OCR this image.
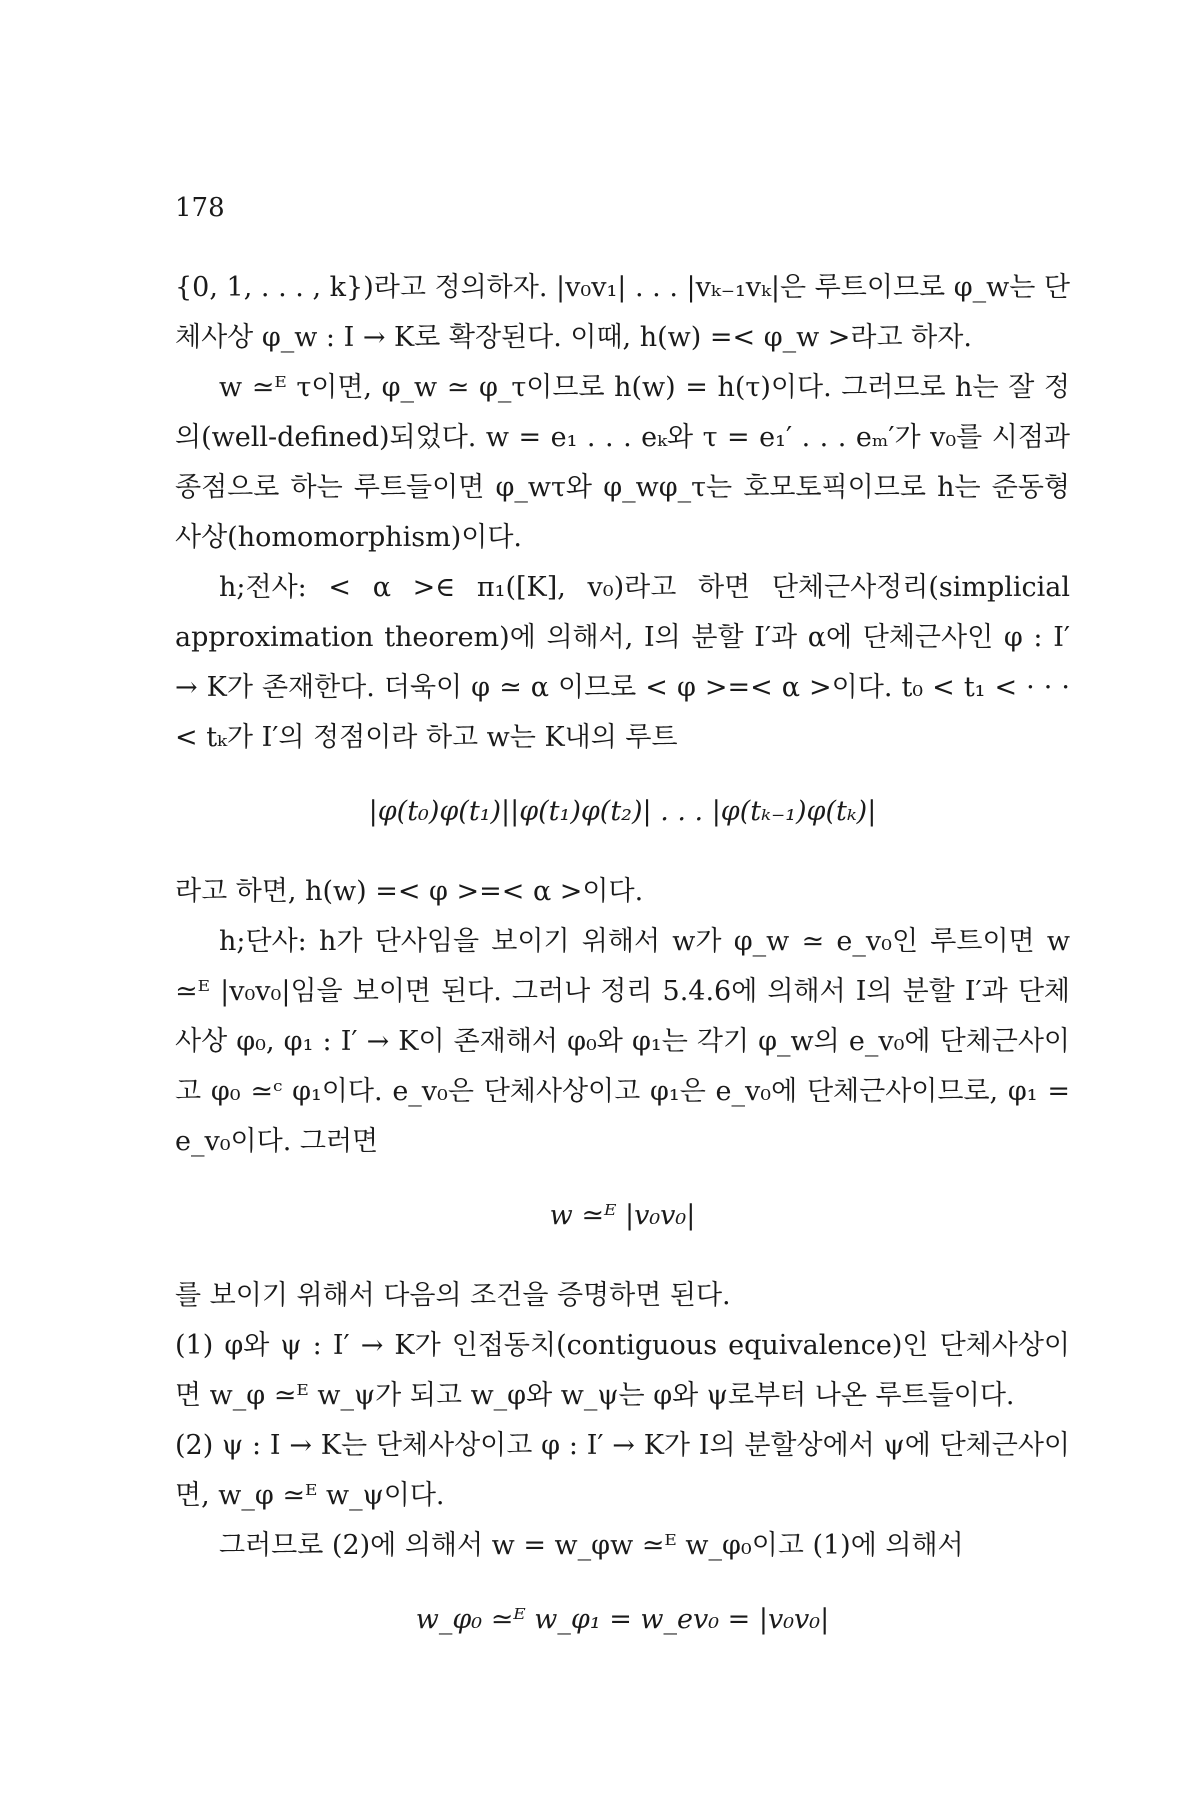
178

{0, 1, . . . , k})라고 정의하자. |v₀v₁| . . . |vₖ₋₁vₖ|은 루트이므로 φ_w는 단체사상 φ_w : I → K로 확장된다. 이때, h(w) =< φ_w >라고 하자.

w ≃ᴱ τ이면, φ_w ≃ φ_τ이므로 h(w) = h(τ)이다. 그러므로 h는 잘 정의(well-defined)되었다. w = e₁ . . . eₖ와 τ = e₁′ . . . eₘ′가 v₀를 시점과 종점으로 하는 루트들이면 φ_wτ와 φ_wφ_τ는 호모토픽이므로 h는 준동형사상(homomorphism)이다.

h;전사: < α >∈ π₁([K], v₀)라고 하면 단체근사정리(simplicial approximation theorem)에 의해서, I의 분할 I′과 α에 단체근사인 φ : I′ → K가 존재한다. 더욱이 φ ≃ α 이므로 < φ >=< α >이다. t₀ < t₁ < · · · < tₖ가 I′의 정점이라 하고 w는 K내의 루트

|φ(t₀)φ(t₁)||φ(t₁)φ(t₂)| . . . |φ(tₖ₋₁)φ(tₖ)|

라고 하면, h(w) =< φ >=< α >이다.

h;단사: h가 단사임을 보이기 위해서 w가 φ_w ≃ e_v₀인 루트이면 w ≃ᴱ |v₀v₀|임을 보이면 된다. 그러나 정리 5.4.6에 의해서 I의 분할 I′과 단체사상 φ₀, φ₁ : I′ → K이 존재해서 φ₀와 φ₁는 각기 φ_w의 e_v₀에 단체근사이고 φ₀ ≃ᶜ φ₁이다. e_v₀은 단체사상이고 φ₁은 e_v₀에 단체근사이므로, φ₁ = e_v₀이다. 그러면

w ≃ᴱ |v₀v₀|

를 보이기 위해서 다음의 조건을 증명하면 된다.

(1) φ와 ψ : I′ → K가 인접동치(contiguous equivalence)인 단체사상이면 w_φ ≃ᴱ w_ψ가 되고 w_φ와 w_ψ는 φ와 ψ로부터 나온 루트들이다.

(2) ψ : I → K는 단체사상이고 φ : I′ → K가 I의 분할상에서 ψ에 단체근사이면, w_φ ≃ᴱ w_ψ이다.

그러므로 (2)에 의해서 w = w_φw ≃ᴱ w_φ₀이고 (1)에 의해서

w_φ₀ ≃ᴱ w_φ₁ = w_ev₀ = |v₀v₀|
